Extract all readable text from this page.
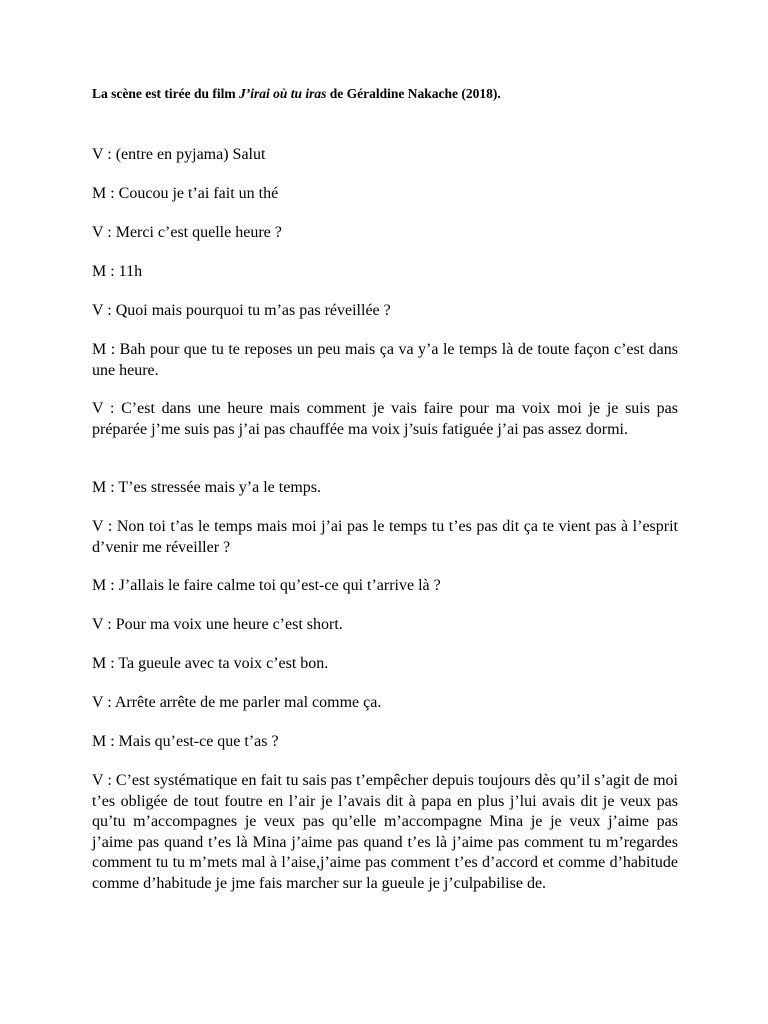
La scène est tirée du film J’irai où tu iras de Géraldine Nakache (2018).

V : (entre en pyjama) Salut

M : Coucou je t’ai fait un thé

V : Merci c’est quelle heure ?

M : 11h

V : Quoi mais pourquoi tu m’as pas réveillée ?

M : Bah pour que tu te reposes un peu mais ça va y’a le temps là de toute façon c’est dans une heure.

V : C’est dans une heure mais comment je vais faire pour ma voix moi je je suis pas préparée j’me suis pas j’ai pas chauffée ma voix j’suis fatiguée j’ai pas assez dormi.

M : T’es stressée mais y’a le temps.

V : Non toi t’as le temps mais moi j’ai pas le temps tu t’es pas dit ça te vient pas à l’esprit d’venir me réveiller ?

M : J’allais le faire calme toi qu’est-ce qui t’arrive là ?

V : Pour ma voix une heure c’est short.

M : Ta gueule avec ta voix c’est bon.

V : Arrête arrête de me parler mal comme ça.

M : Mais qu’est-ce que t’as ?

V : C’est systématique en fait tu sais pas t’empêcher depuis toujours dès qu’il s’agit de moi t’es obligée de tout foutre en l’air je l’avais dit à papa en plus j’lui avais dit je veux pas qu’tu m’accompagnes je veux pas qu’elle m’accompagne Mina je je veux j’aime pas j’aime pas quand t’es là Mina j’aime pas quand t’es là j’aime pas comment tu m’regardes comment tu tu m’mets mal à l’aise,j’aime pas comment t’es d’accord et comme d’habitude comme d’habitude je jme fais marcher sur la gueule je j’culpabilise de.
